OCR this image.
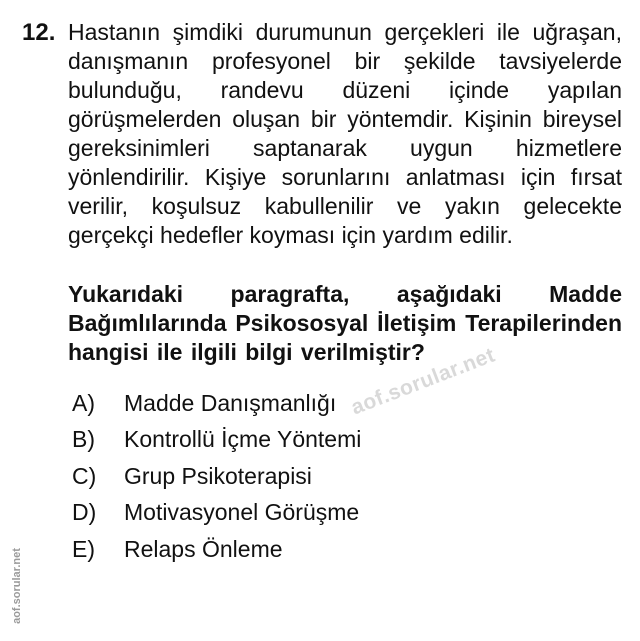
12. Hastanın şimdiki durumunun gerçekleri ile uğraşan, danışmanın profesyonel bir şekilde tavsiyelerde bulunduğu, randevu düzeni içinde yapılan görüşmelerden oluşan bir yöntemdir. Kişinin bireysel gereksinimleri saptanarak uygun hizmetlere yönlendirilir. Kişiye sorunlarını anlatması için fırsat verilir, koşulsuz kabullenilir ve yakın gelecekte gerçekçi hedefler koyması için yardım edilir.
Yukarıdaki paragrafta, aşağıdaki Madde Bağımlılarında Psikososyal İletişim Terapilerinden hangisi ile ilgili bilgi verilmiştir?
A)	Madde Danışmanlığı
B)	Kontrollü İçme Yöntemi
C)	Grup Psikoterapisi
D)	Motivasyonel Görüşme
E)	Relaps Önleme
aof.sorular.net
aof.sorular.net
